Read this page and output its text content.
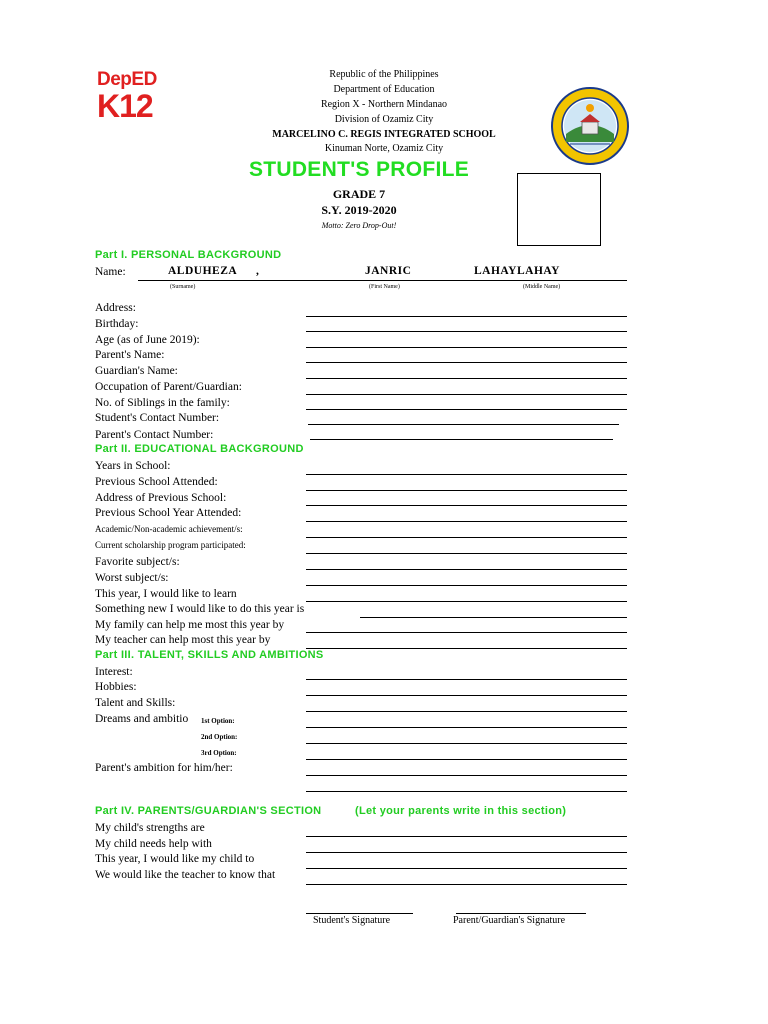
DepED
K12
Republic of the Philippines
Department of Education
Region X - Northern Mindanao
Division of Ozamiz City
MARCELINO C. REGIS INTEGRATED SCHOOL
Kinuman Norte, Ozamiz City
STUDENT'S PROFILE
GRADE 7
S.Y. 2019-2020
Motto: Zero Drop-Out!
Part I. PERSONAL BACKGROUND
Name:	ALDUHEZA ,	JANRIC	LAHAYLAHAY
(Surname)	(First Name)	(Middle Name)
Address:
Birthday:
Age (as of June 2019):
Parent's Name:
Guardian's Name:
Occupation of Parent/Guardian:
No. of Siblings in the family:
Student's Contact Number:
Parent's Contact Number:
Part II. EDUCATIONAL BACKGROUND
Years in School:
Previous School Attended:
Address of Previous School:
Previous School Year Attended:
Academic/Non-academic achievement/s:
Current scholarship program participated:
Favorite subject/s:
Worst subject/s:
This year, I would like to learn
Something new I would like to do this year is
My family can help me most this year by
My teacher can help most this year by
Part III. TALENT, SKILLS AND AMBITIONS
Interest:
Hobbies:
Talent and Skills:
Dreams and ambitio 1st Option:
2nd Option:
3rd Option:
Parent's ambition for him/her:
Part IV. PARENTS/GUARDIAN'S SECTION	(Let your parents write in this section)
My child's strengths are
My child needs help with
This year, I would like my child to
We would like the teacher to know that
Student's Signature	Parent/Guardian's Signature
